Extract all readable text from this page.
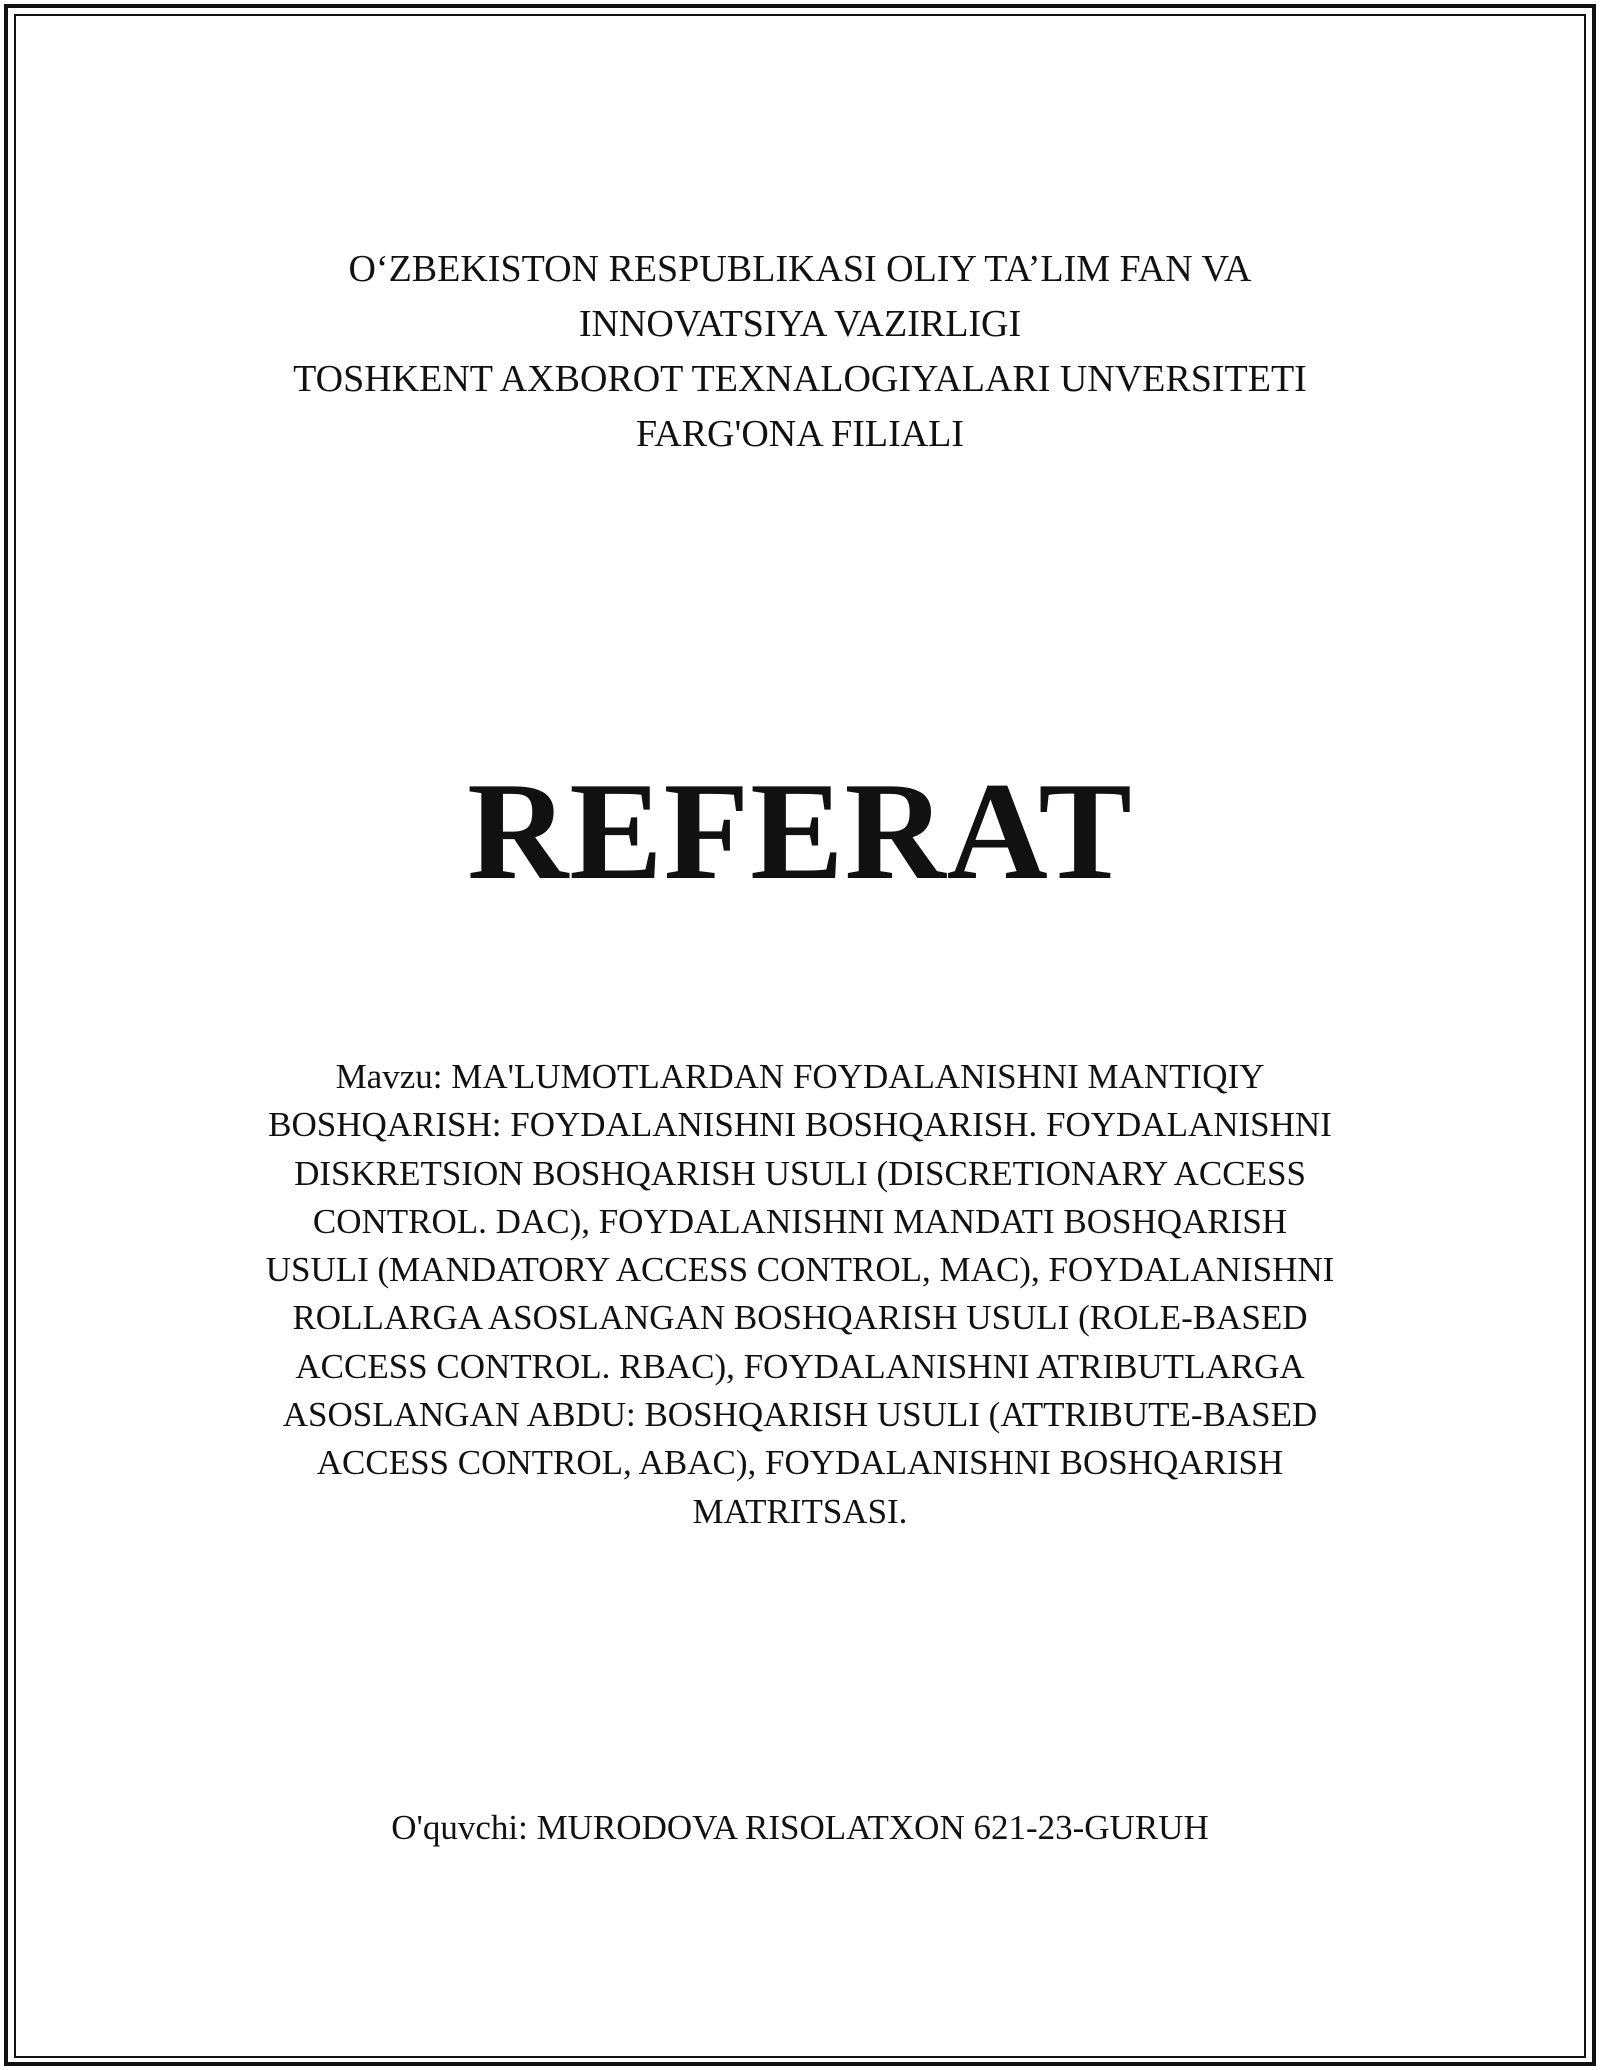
O‘ZBEKISTON RESPUBLIKASI OLIY TA’LIM FAN VA
INNOVATSIYA VAZIRLIGI
TOSHKENT AXBOROT TEXNALOGIYALARI UNVERSITETI
FARG'ONA FILIALI
REFERAT
Mavzu: MA'LUMOTLARDAN FOYDALANISHNI MANTIQIY
BOSHQARISH: FOYDALANISHNI BOSHQARISH. FOYDALANISHNI
DISKRETSION BOSHQARISH USULI (DISCRETIONARY ACCESS
CONTROL. DAC), FOYDALANISHNI MANDATI BOSHQARISH
USULI (MANDATORY ACCESS CONTROL, MAC), FOYDALANISHNI
ROLLARGA ASOSLANGAN BOSHQARISH USULI (ROLE-BASED
ACCESS CONTROL. RBAC), FOYDALANISHNI ATRIBUTLARGA
ASOSLANGAN ABDU: BOSHQARISH USULI (ATTRIBUTE-BASED
ACCESS CONTROL, ABAC), FOYDALANISHNI BOSHQARISH
MATRITSASI.
O'quvchi: MURODOVA RISOLATXON 621-23-GURUH
